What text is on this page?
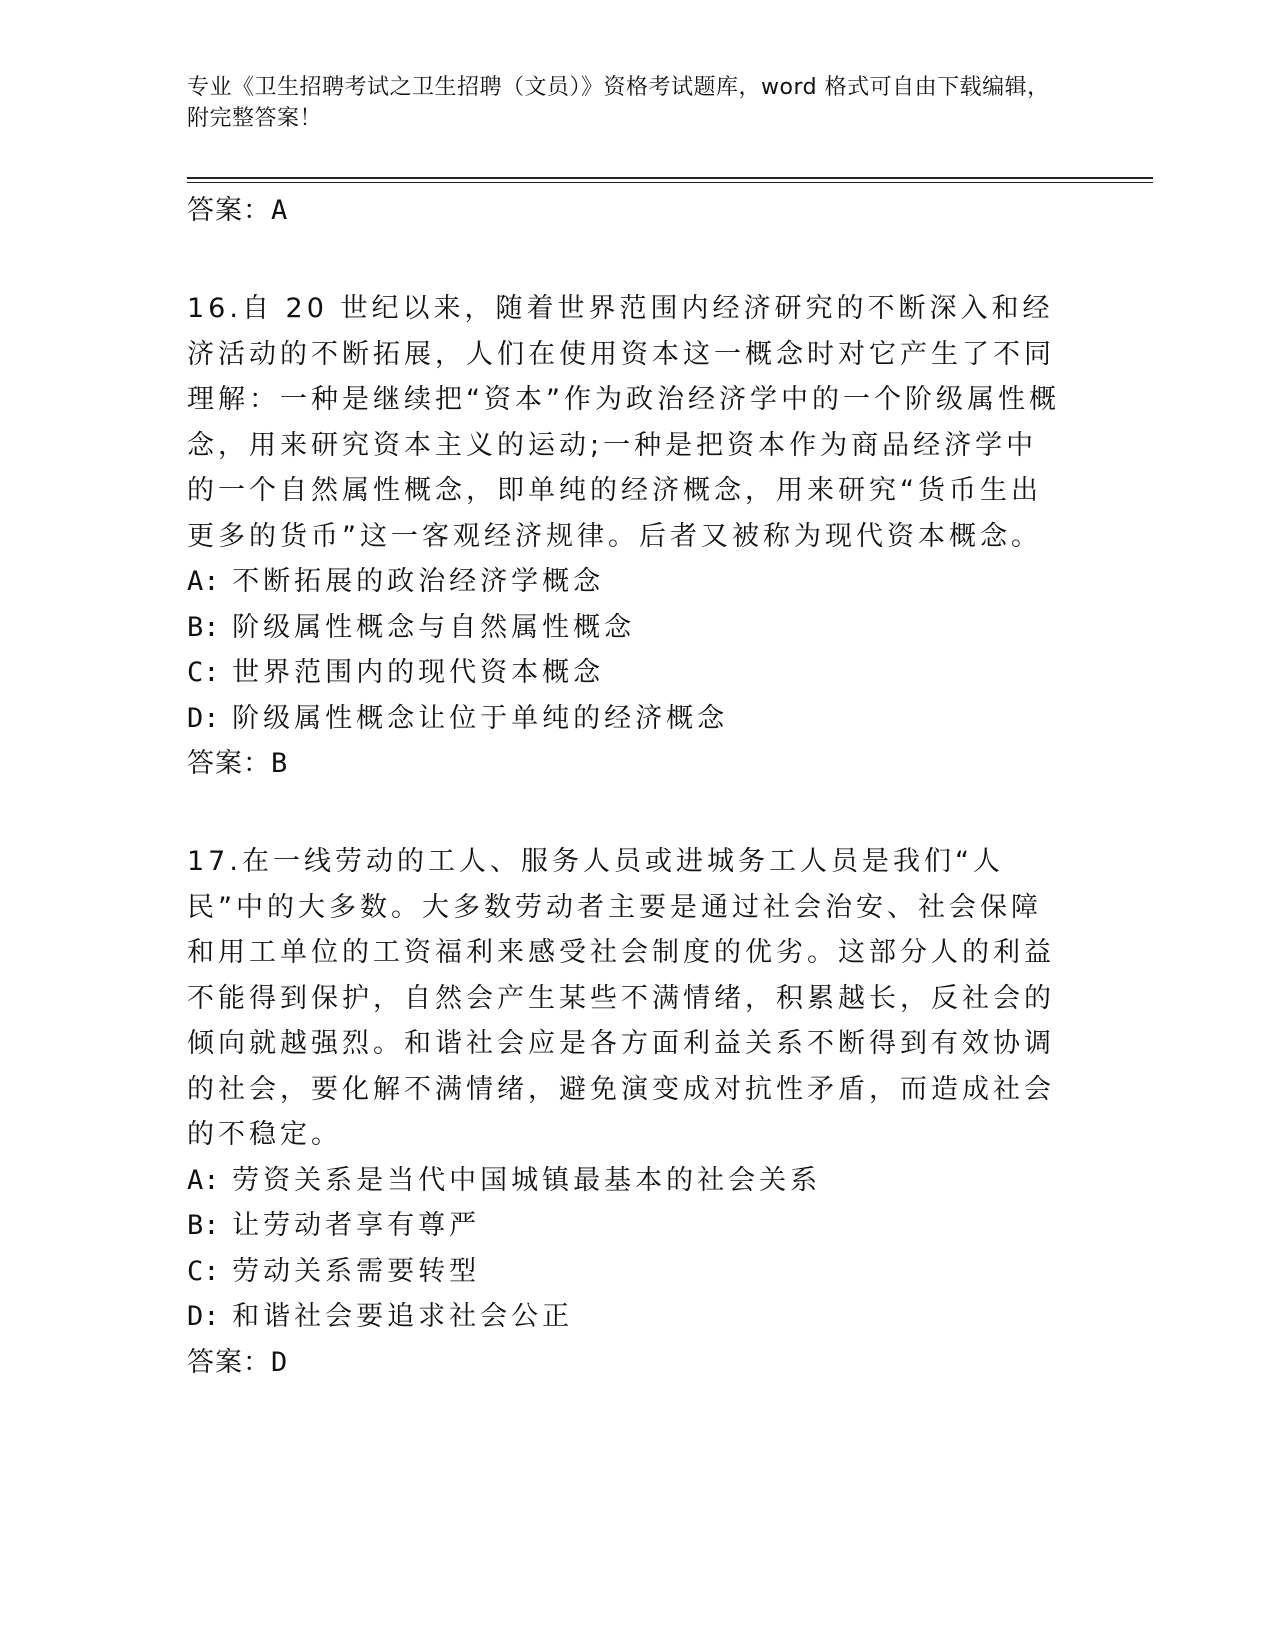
专业《卫生招聘考试之卫生招聘（文员）》资格考试题库，word 格式可自由下载编辑，附完整答案！
答案：A
16.自 20 世纪以来，随着世界范围内经济研究的不断深入和经济活动的不断拓展，人们在使用资本这一概念时对它产生了不同理解：一种是继续把“资本”作为政治经济学中的一个阶级属性概念，用来研究资本主义的运动;一种是把资本作为商品经济学中的一个自然属性概念，即单纯的经济概念，用来研究“货币生出更多的货币”这一客观经济规律。后者又被称为现代资本概念。
A: 不断拓展的政治经济学概念
B: 阶级属性概念与自然属性概念
C: 世界范围内的现代资本概念
D: 阶级属性概念让位于单纯的经济概念
答案：B
17.在一线劳动的工人、服务人员或进城务工人员是我们“人民”中的大多数。大多数劳动者主要是通过社会治安、社会保障和用工单位的工资福利来感受社会制度的优劣。这部分人的利益不能得到保护，自然会产生某些不满情绪，积累越长，反社会的倾向就越强烈。和谐社会应是各方面利益关系不断得到有效协调的社会，要化解不满情绪，避免演变成对抗性矛盾，而造成社会的不稳定。
A: 劳资关系是当代中国城镇最基本的社会关系
B: 让劳动者享有尊严
C: 劳动关系需要转型
D: 和谐社会要追求社会公正
答案：D
